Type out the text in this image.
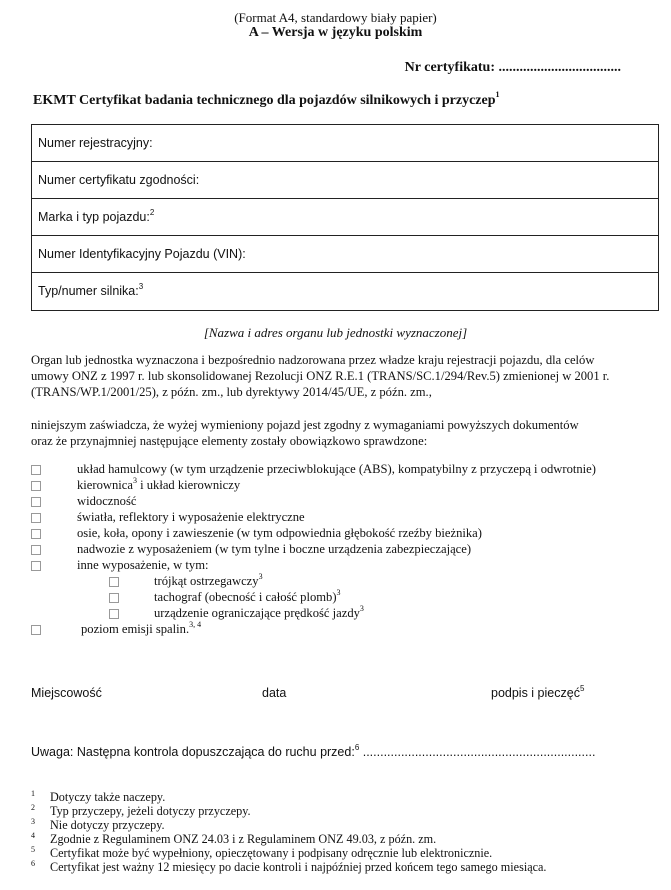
(Format A4, standardowy biały papier)
A – Wersja w języku polskim
Nr certyfikatu: ...................................
EKMT Certyfikat badania technicznego dla pojazdów silnikowych i przyczep$^1$
Numer rejestracyjny:
Numer certyfikatu zgodności:
Marka i typ pojazdu:$^2$
Numer Identyfikacyjny Pojazdu (VIN):
Typ/numer silnika:$^3$
[Nazwa i adres organu lub jednostki wyznaczonej]
Organ lub jednostka wyznaczona i bezpośrednio nadzorowana przez władze kraju rejestracji pojazdu, dla celów
umowy ONZ z 1997 r. lub skonsolidowanej Rezolucji ONZ R.E.1 (TRANS/SC.1/294/Rev.5) zmienionej w 2001 r.
(TRANS/WP.1/2001/25), z późn. zm., lub dyrektywy 2014/45/UE, z późn. zm.,
niniejszym zaświadcza, że wyżej wymieniony pojazd jest zgodny z wymaganiami powyższych dokumentów
oraz że przynajmniej następujące elementy zostały obowiązkowo sprawdzone:
układ hamulcowy (w tym urządzenie przeciwblokujące (ABS), kompatybilny z przyczepą i odwrotnie)
kierownica$^3$ i układ kierowniczy
widoczność
światła, reflektory i wyposażenie elektryczne
osie, koła, opony i zawieszenie (w tym odpowiednia głębokość rzeźby bieżnika)
nadwozie z wyposażeniem (w tym tylne i boczne urządzenia zabezpieczające)
inne wyposażenie, w tym:
trójkąt ostrzegawczy$^3$
tachograf (obecność i całość plomb)$^3$
urządzenie ograniczające prędkość jazdy$^3$
poziom emisji spalin.$^{3, 4}$
Miejscowość	data	podpis i pieczęć$^5$
Uwaga: Następna kontrola dopuszczająca do ruchu przed:$^6$ ...................................................................
1 Dotyczy także naczepy.
2 Typ przyczepy, jeżeli dotyczy przyczepy.
3 Nie dotyczy przyczepy.
4 Zgodnie z Regulaminem ONZ 24.03 i z Regulaminem ONZ 49.03, z późn. zm.
5 Certyfikat może być wypełniony, opieczętowany i podpisany odręcznie lub elektronicznie.
6 Certyfikat jest ważny 12 miesięcy po dacie kontroli i najpóźniej przed końcem tego samego miesiąca.
